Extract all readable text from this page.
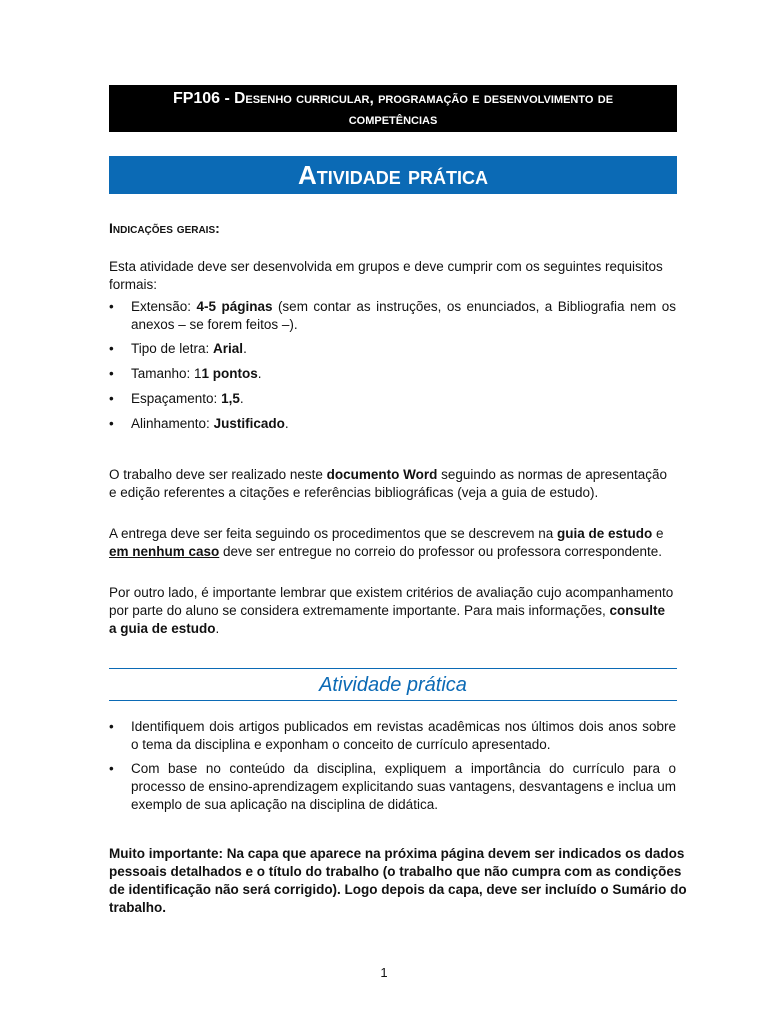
FP106 - Desenho curricular, programação e desenvolvimento de
competências
Atividade prática
Indicações gerais:
Esta atividade deve ser desenvolvida em grupos e deve cumprir com os seguintes requisitos formais:
• Extensão: 4-5 páginas (sem contar as instruções, os enunciados, a Bibliografia nem os anexos – se forem feitos –).
• Tipo de letra: Arial.
• Tamanho: 11 pontos.
• Espaçamento: 1,5.
• Alinhamento: Justificado.
O trabalho deve ser realizado neste documento Word seguindo as normas de apresentação e edição referentes a citações e referências bibliográficas (veja a guia de estudo).
A entrega deve ser feita seguindo os procedimentos que se descrevem na guia de estudo e em nenhum caso deve ser entregue no correio do professor ou professora correspondente.
Por outro lado, é importante lembrar que existem critérios de avaliação cujo acompanhamento por parte do aluno se considera extremamente importante. Para mais informações, consulte a guia de estudo.
Atividade prática
• Identifiquem dois artigos publicados em revistas acadêmicas nos últimos dois anos sobre o tema da disciplina e exponham o conceito de currículo apresentado.
• Com base no conteúdo da disciplina, expliquem a importância do currículo para o processo de ensino-aprendizagem explicitando suas vantagens, desvantagens e inclua um exemplo de sua aplicação na disciplina de didática.
Muito importante: Na capa que aparece na próxima página devem ser indicados os dados pessoais detalhados e o título do trabalho (o trabalho que não cumpra com as condições de identificação não será corrigido). Logo depois da capa, deve ser incluído o Sumário do trabalho.
1
